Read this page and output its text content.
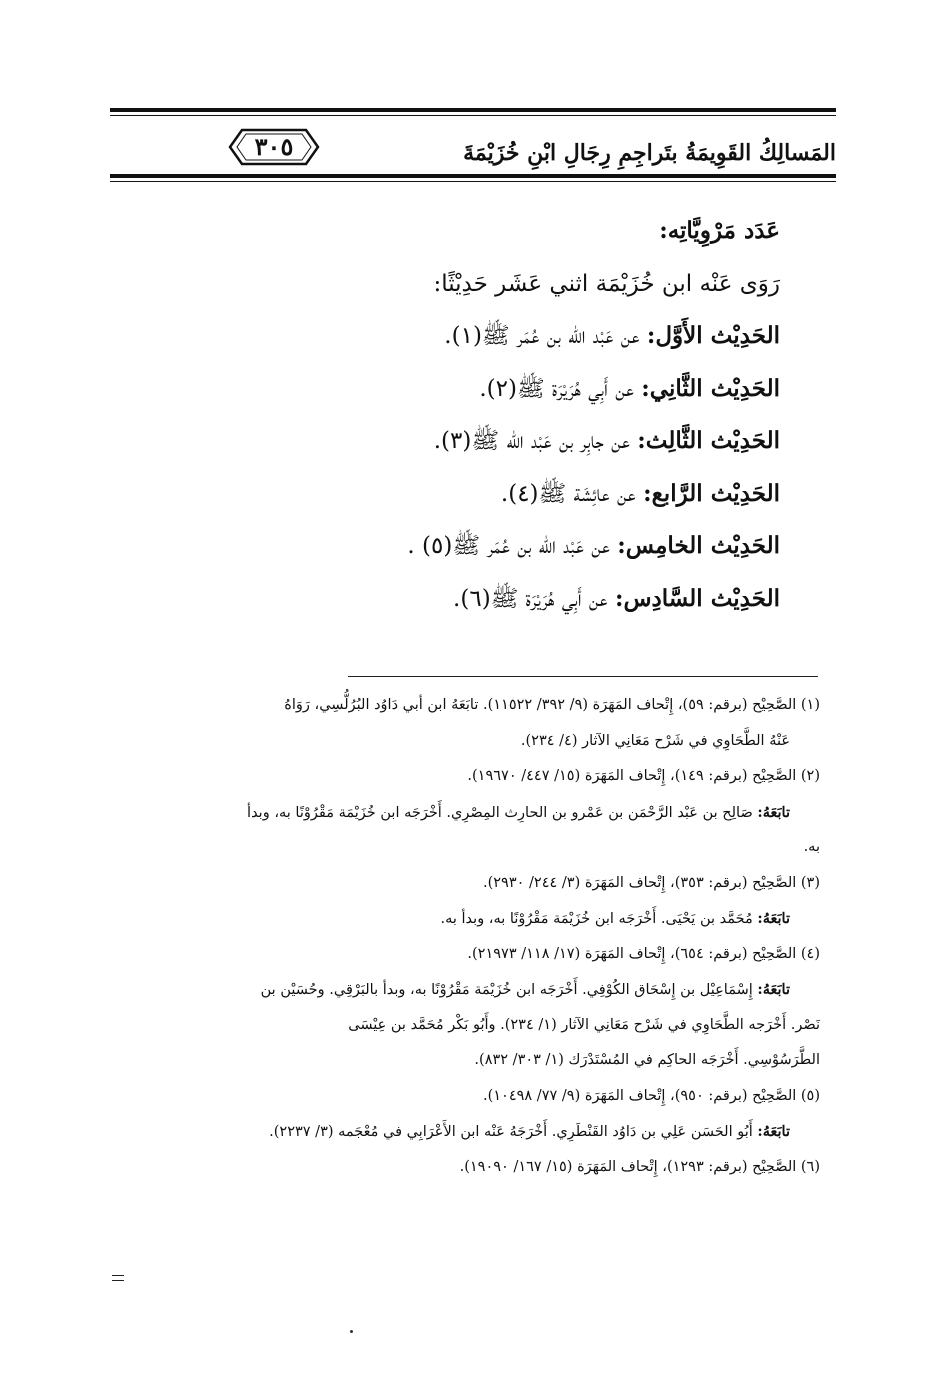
٣٠٥	المَسالِكُ القَوِيمَةُ بتَراجِمِ رِجَالِ ابْنِ خُزَيْمَةَ
عَدَد مَرْوِيَّاتِه:
رَوَى عَنْه ابن خُزَيْمَة اثني عَشَر حَدِيْثًا:
الحَدِيْث الأَوَّل: عن عَبْد الله بن عُمَر ﷺ(١).
الحَدِيْث الثَّانِي: عن أَبِي هُرَيْرَة ﷺ(٢).
الحَدِيْث الثَّالِث: عن جابِر بن عَبْد الله ﷺ(٣).
الحَدِيْث الرَّابع: عن عائِشَة ﷺ(٤).
الحَدِيْث الخامِس: عن عَبْد الله بن عُمَر ﷺ(٥) .
الحَدِيْث السَّادِس: عن أَبِي هُرَيْرَة ﷺ(٦).
(١) الصَّحِيْح (برقم: ٥٩)، إِتْحاف المَهَرَة (٩/ ٣٩٢/ ١١٥٢٢). تابَعَهُ ابن أبي دَاوُد البُرُلُّسِي، رَوَاهُ
عَنْهُ الطَّحَاوِي في شَرْح مَعَانِي الآثار (٤/ ٢٣٤).
(٢) الصَّحِيْح (برقم: ١٤٩)، إِتْحاف المَهَرَة (١٥/ ٤٤٧/ ١٩٦٧٠).
تابَعَهُ: صَالِح بن عَبْد الرَّحْمَن بن عَمْرو بن الحارِث المِصْرِي. أَخْرَجَه ابن خُزَيْمَة مَقْرُوْنًا به، وبدأ
به.
(٣) الصَّحِيْح (برقم: ٣٥٣)، إِتْحاف المَهَرَة (٣/ ٢٤٤/ ٢٩٣٠).
تابَعَهُ: مُحَمَّد بن يَحْيَى. أَخْرَجَه ابن خُزَيْمَة مَقْرُوْنًا به، وبدأ به.
(٤) الصَّحِيْح (برقم: ٦٥٤)، إِتْحاف المَهَرَة (١٧/ ١١٨/ ٢١٩٧٣).
تابَعَهُ: إِسْمَاعِيْل بن إِسْحَاق الكُوْفِي. أَخْرَجَه ابن خُزَيْمَة مَقْرُوْنًا به، وبدأ بالبَرْقِي. وحُسَيْن بن
نَصْر. أَخْرَجه الطَّحَاوِي في شَرْح مَعَانِي الآثار (١/ ٢٣٤). وأَبُو بَكْر مُحَمَّد بن عِيْسَى
الطَّرَسُوْسِي. أَخْرَجَه الحاكِم في المُسْتَدْرَك (١/ ٣٠٣/ ٨٣٢).
(٥) الصَّحِيْح (برقم: ٩٥٠)، إِتْحاف المَهَرَة (٩/ ٧٧/ ١٠٤٩٨).
تابَعَهُ: أَبُو الحَسَن عَلِي بن دَاوُد القَنْطَرِي. أَخْرَجَهُ عَنْه ابن الأَعْرَابِي في مُعْجَمه (٣/ ٢٢٣٧).
(٦) الصَّحِيْح (برقم: ١٢٩٣)، إِتْحاف المَهَرَة (١٥/ ١٦٧/ ١٩٠٩٠).
